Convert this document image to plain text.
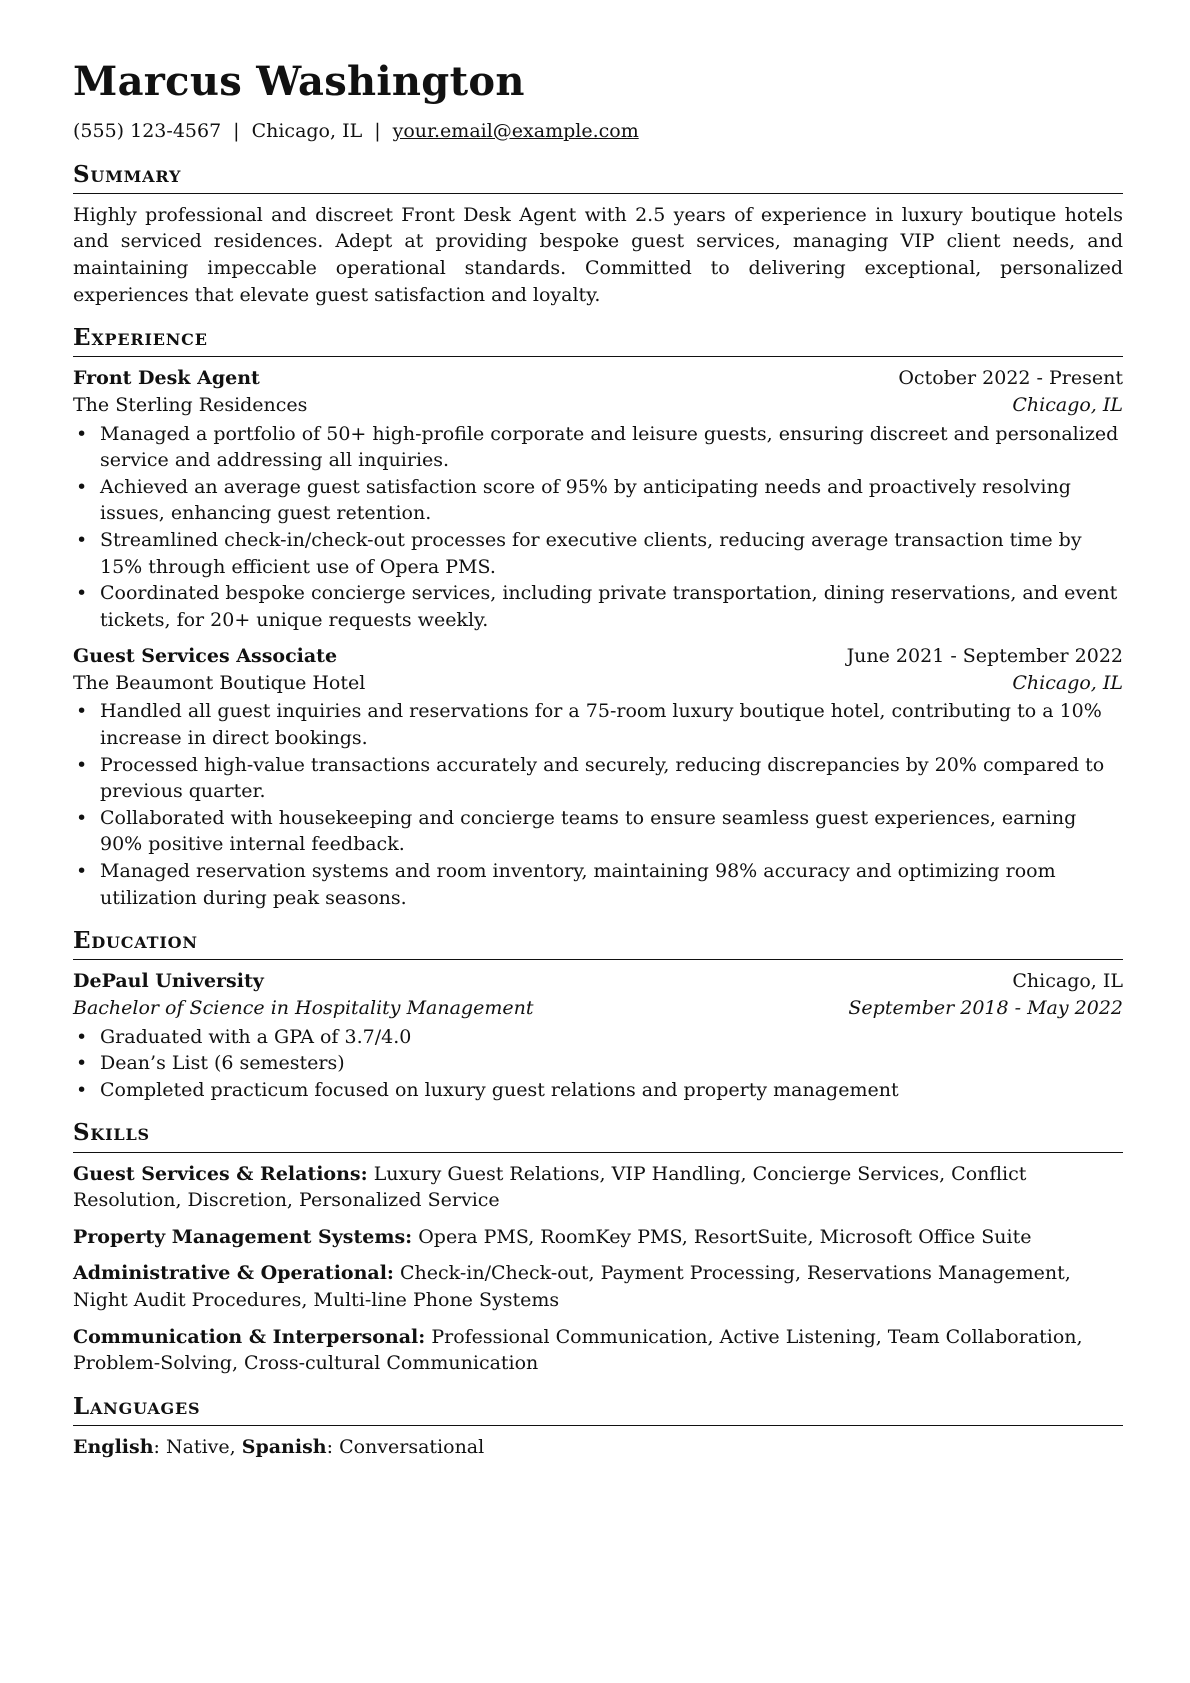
Marcus Washington
(555) 123-4567 | Chicago, IL | your.email@example.com
Summary

Highly professional and discreet Front Desk Agent with 2.5 years of experience in luxury boutique hotels and serviced residences. Adept at providing bespoke guest services, managing VIP client needs, and maintaining impeccable operational standards. Committed to delivering exceptional, personalized experiences that elevate guest satisfaction and loyalty.

Experience
Front Desk Agent	October 2022 - Present
The Sterling Residences	Chicago, IL
• Managed a portfolio of 50+ high-profile corporate and leisure guests, ensuring discreet and personalized service and addressing all inquiries.
• Achieved an average guest satisfaction score of 95% by anticipating needs and proactively resolving issues, enhancing guest retention.
• Streamlined check-in/check-out processes for executive clients, reducing average transaction time by 15% through efficient use of Opera PMS.
• Coordinated bespoke concierge services, including private transportation, dining reservations, and event tickets, for 20+ unique requests weekly.
Guest Services Associate	June 2021 - September 2022
The Beaumont Boutique Hotel	Chicago, IL
• Handled all guest inquiries and reservations for a 75-room luxury boutique hotel, contributing to a 10% increase in direct bookings.
• Processed high-value transactions accurately and securely, reducing discrepancies by 20% compared to previous quarter.
• Collaborated with housekeeping and concierge teams to ensure seamless guest experiences, earning 90% positive internal feedback.
• Managed reservation systems and room inventory, maintaining 98% accuracy and optimizing room utilization during peak seasons.
Education
DePaul University	Chicago, IL
Bachelor of Science in Hospitality Management	September 2018 - May 2022
• Graduated with a GPA of 3.7/4.0
• Dean’s List (6 semesters)
• Completed practicum focused on luxury guest relations and property management
Skills

Guest Services & Relations: Luxury Guest Relations, VIP Handling, Concierge Services, Conflict Resolution, Discretion, Personalized Service

Property Management Systems: Opera PMS, RoomKey PMS, ResortSuite, Microsoft Office Suite

Administrative & Operational: Check-in/Check-out, Payment Processing, Reservations Management, Night Audit Procedures, Multi-line Phone Systems

Communication & Interpersonal: Professional Communication, Active Listening, Team Collaboration, Problem-Solving, Cross-cultural Communication

Languages
English: Native, Spanish: Conversational
